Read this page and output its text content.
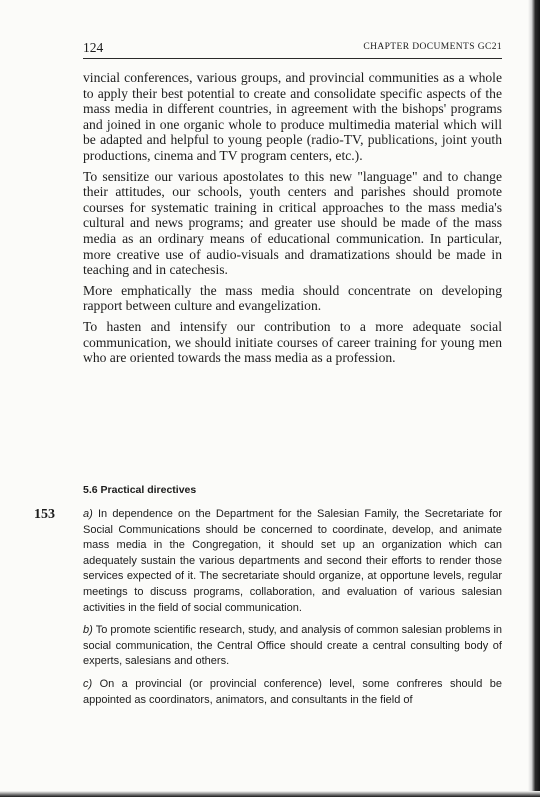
124	CHAPTER DOCUMENTS GC21

vincial conferences, various groups, and provincial communities as a whole to apply their best potential to create and consolidate specific aspects of the mass media in different countries, in agreement with the bishops' programs and joined in one organic whole to produce multimedia material which will be adapted and helpful to young people (radio-TV, publications, joint youth productions, cinema and TV program centers, etc.).

To sensitize our various apostolates to this new "language" and to change their attitudes, our schools, youth centers and parishes should promote courses for systematic training in critical approaches to the mass media's cultural and news programs; and greater use should be made of the mass media as an ordinary means of educational communication. In particular, more creative use of audio-visuals and dramatizations should be made in teaching and in catechesis.

More emphatically the mass media should concentrate on developing rapport between culture and evangelization.

To hasten and intensify our contribution to a more adequate social communication, we should initiate courses of career training for young men who are oriented towards the mass media as a profession.

5.6 Practical directives
153	a) In dependence on the Department for the Salesian Family, the Secretariate for Social Communications should be concerned to coordinate, develop, and animate mass media in the Congregation, it should set up an organization which can adequately sustain the various departments and second their efforts to render those services expected of it. The secretariate should organize, at opportune levels, regular meetings to discuss programs, collaboration, and evaluation of various salesian activities in the field of social communication.

b) To promote scientific research, study, and analysis of common salesian problems in social communication, the Central Office should create a central consulting body of experts, salesians and others.

c) On a provincial (or provincial conference) level, some confreres should be appointed as coordinators, animators, and consultants in the field of
